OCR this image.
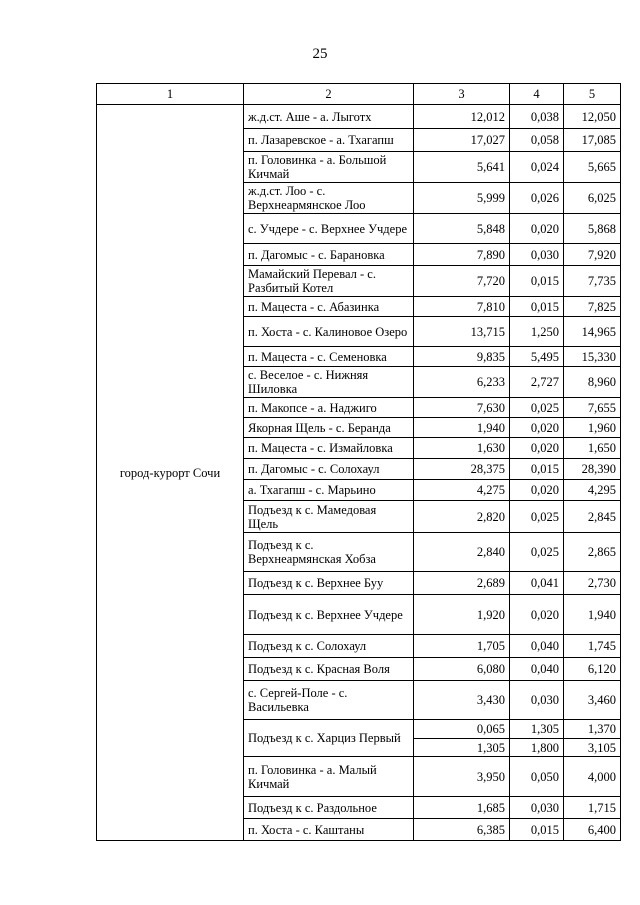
25
1	2	3	4	5
город-курорт Сочи	ж.д.ст. Аше - а. Лыготх	12,012	0,038	12,050
	п. Лазаревское - а. Тхагапш	17,027	0,058	17,085
	п. Головинка - а. Большой Кичмай	5,641	0,024	5,665
	ж.д.ст. Лоо - с. Верхнеармянское Лоо	5,999	0,026	6,025
	с. Учдере - с. Верхнее Учдере	5,848	0,020	5,868
	п. Дагомыс - с. Барановка	7,890	0,030	7,920
	Мамайский Перевал - с. Разбитый Котел	7,720	0,015	7,735
	п. Мацеста - с. Абазинка	7,810	0,015	7,825
	п. Хоста - с. Калиновое Озеро	13,715	1,250	14,965
	п. Мацеста - с. Семеновка	9,835	5,495	15,330
	с. Веселое - с. Нижняя Шиловка	6,233	2,727	8,960
	п. Макопсе - а. Наджиго	7,630	0,025	7,655
	Якорная Щель - с. Беранда	1,940	0,020	1,960
	п. Мацеста - с. Измайловка	1,630	0,020	1,650
	п. Дагомыс - с. Солохаул	28,375	0,015	28,390
	а. Тхагапш - с. Марьино	4,275	0,020	4,295
	Подъезд к с. Мамедовая Щель	2,820	0,025	2,845
	Подъезд к с. Верхнеармянская Хобза	2,840	0,025	2,865
	Подъезд к с. Верхнее Буу	2,689	0,041	2,730
	Подъезд к с. Верхнее Учдере	1,920	0,020	1,940
	Подъезд к с. Солохаул	1,705	0,040	1,745
	Подъезд к с. Красная Воля	6,080	0,040	6,120
	с. Сергей-Поле - с. Васильевка	3,430	0,030	3,460
	Подъезд к с. Харциз Первый	0,065	1,305	1,370
		1,305	1,800	3,105
	п. Головинка - а. Малый Кичмай	3,950	0,050	4,000
	Подъезд к с. Раздольное	1,685	0,030	1,715
	п. Хоста - с. Каштаны	6,385	0,015	6,400
